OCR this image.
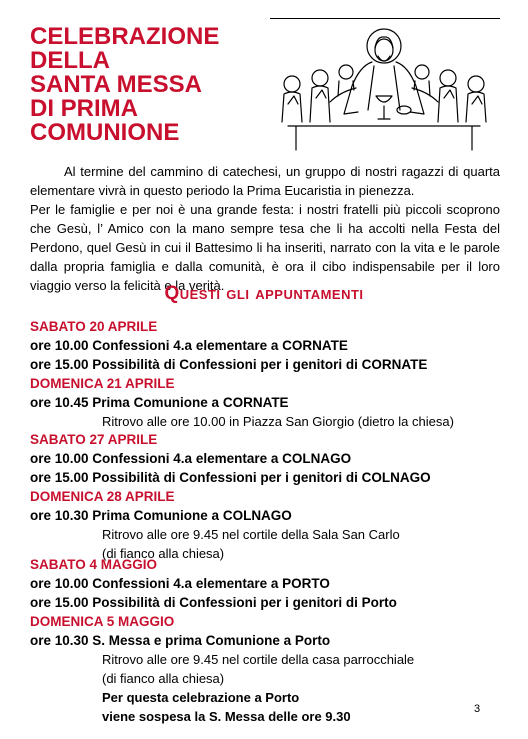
CELEBRAZIONE
DELLA
SANTA MESSA
DI PRIMA
COMUNIONE

Al termine del cammino di catechesi, un gruppo di nostri ragazzi di quarta elementare vivrà in questo periodo la Prima Eucaristia in pienezza.

Per le famiglie e per noi è una grande festa: i nostri fratelli più piccoli scoprono che Gesù, l’ Amico con la mano sempre tesa che li ha accolti nella Festa del Perdono, quel Gesù in cui il Battesimo li ha inseriti, narrato con la vita e le parole dalla propria famiglia e dalla comunità, è ora il cibo indispensabile per il loro viaggio verso la felicità e la verità.

Questi gli appuntamenti
SABATO 20 APRILE
ore 10.00 Confessioni 4.a elementare a CORNATE
ore 15.00 Possibilità di Confessioni per i genitori di CORNATE
DOMENICA 21 APRILE
ore 10.45 Prima Comunione a CORNATE
Ritrovo alle ore 10.00 in Piazza San Giorgio (dietro la chiesa)
SABATO 27 APRILE
ore 10.00 Confessioni 4.a elementare a COLNAGO
ore 15.00 Possibilità di Confessioni per i genitori di COLNAGO
DOMENICA 28 APRILE
ore 10.30 Prima Comunione a COLNAGO
Ritrovo alle ore 9.45 nel cortile della Sala San Carlo
(di fianco alla chiesa)
SABATO 4 MAGGIO
ore 10.00 Confessioni 4.a elementare a PORTO
ore 15.00 Possibilità di Confessioni per i genitori di Porto
DOMENICA 5 MAGGIO
ore 10.30 S. Messa e prima Comunione a Porto
Ritrovo alle ore 9.45 nel cortile della casa parrocchiale
(di fianco alla chiesa)
Per questa celebrazione a Porto
viene sospesa la S. Messa delle ore 9.30	3
